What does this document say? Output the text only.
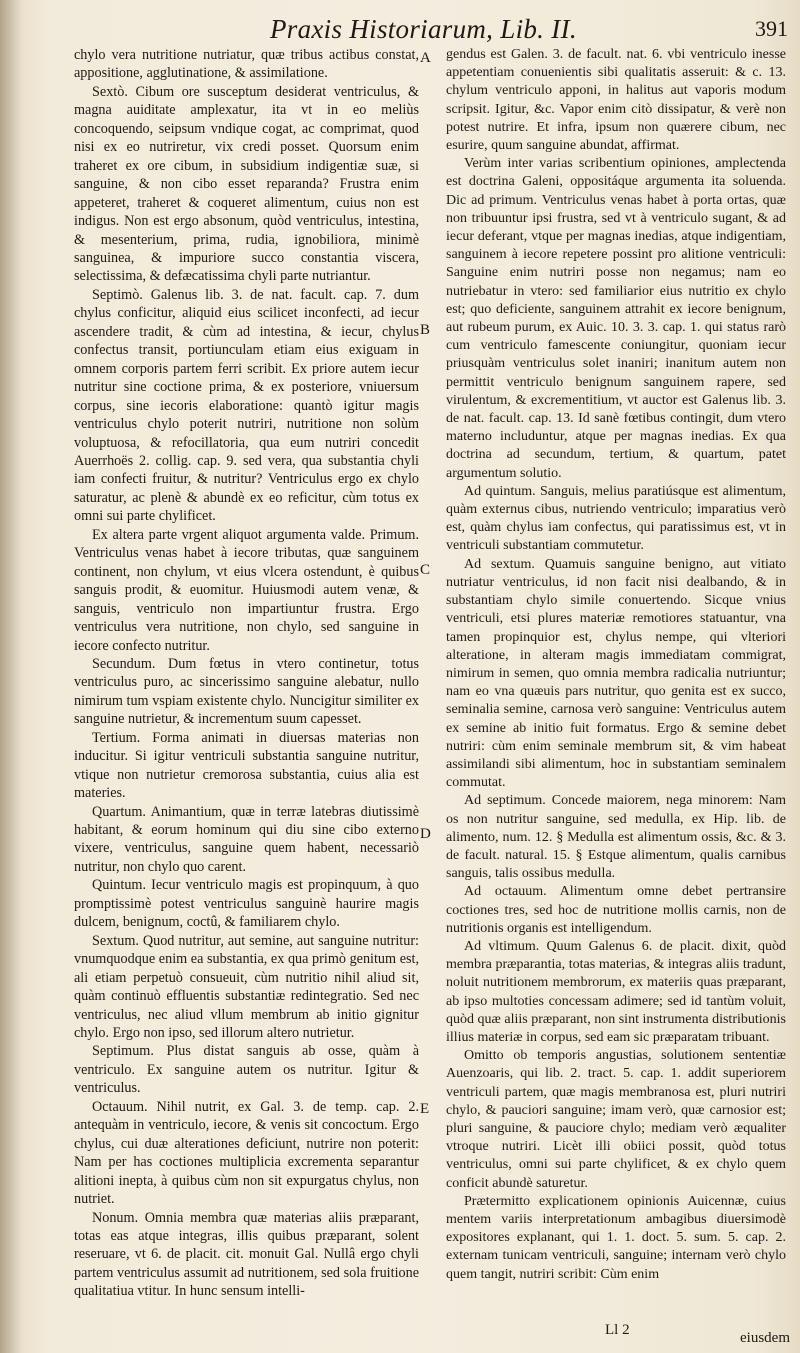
Praxis Historiarum, Lib. II.	391

chylo vera nutritione nutriatur, quæ tribus actibus constat, appositione, agglutinatione, & assimilatione.

Sextò. Cibum ore susceptum desiderat ventriculus, & magna auiditate amplexatur, ita vt in eo meliùs concoquendo, seipsum vndique cogat, ac comprimat, quod nisi ex eo nutriretur, vix credi posset. Quorsum enim traheret ex ore cibum, in subsidium indigentiæ suæ, si sanguine, & non cibo esset reparanda? Frustra enim appeteret, traheret & coqueret alimentum, cuius non est indigus. Non est ergo absonum, quòd ventriculus, intestina, & mesenterium, prima, rudia, ignobiliora, minimè sanguinea, & impuriore succo constantia viscera, selectissima, & defæcatissima chyli parte nutriantur.

Septimò. Galenus lib. 3. de nat. facult. cap. 7. dum chylus conficitur, aliquid eius scilicet inconfecti, ad iecur ascendere tradit, & cùm ad intestina, & iecur, chylus confectus transit, portiunculam etiam eius exiguam in omnem corporis partem ferri scribit. Ex priore autem iecur nutritur sine coctione prima, & ex posteriore, vniuersum corpus, sine iecoris elaboratione: quantò igitur magis ventriculus chylo poterit nutriri, nutritione non solùm voluptuosa, & refocillatoria, qua eum nutriri concedit Auerrhoës 2. collig. cap. 9. sed vera, qua substantia chyli iam confecti fruitur, & nutritur? Ventriculus ergo ex chylo saturatur, ac plenè & abundè ex eo reficitur, cùm totus ex omni sui parte chylificet.

Ex altera parte vrgent aliquot argumenta valde. Primum. Ventriculus venas habet à iecore tributas, quæ sanguinem continent, non chylum, vt eius vlcera ostendunt, è quibus sanguis prodit, & euomitur. Huiusmodi autem venæ, & sanguis, ventriculo non impartiuntur frustra. Ergo ventriculus vera nutritione, non chylo, sed sanguine in iecore confecto nutritur.

Secundum. Dum fœtus in vtero continetur, totus ventriculus puro, ac sincerissimo sanguine alebatur, nullo nimirum tum vspiam existente chylo. Nuncigitur similiter ex sanguine nutrietur, & incrementum suum capesset.

Tertium. Forma animati in diuersas materias non inducitur. Si igitur ventriculi substantia sanguine nutritur, vtique non nutrietur cremorosa substantia, cuius alia est materies.

Quartum. Animantium, quæ in terræ latebras diutissimè habitant, & eorum hominum qui diu sine cibo externo vixere, ventriculus, sanguine quem habent, necessariò nutritur, non chylo quo carent.

Quintum. Iecur ventriculo magis est propinquum, à quo promptissimè potest ventriculus sanguinè haurire magis dulcem, benignum, coctû, & familiarem chylo.

Sextum. Quod nutritur, aut semine, aut sanguine nutritur: vnumquodque enim ea substantia, ex qua primò genitum est, ali etiam perpetuò consueuit, cùm nutritio nihil aliud sit, quàm continuò effluentis substantiæ redintegratio. Sed nec ventriculus, nec aliud vllum membrum ab initio gignitur chylo. Ergo non ipso, sed illorum altero nutrietur.

Septimum. Plus distat sanguis ab osse, quàm à ventriculo. Ex sanguine autem os nutritur. Igitur & ventriculus.

Octauum. Nihil nutrit, ex Gal. 3. de temp. cap. 2. antequàm in ventriculo, iecore, & venis sit concoctum. Ergo chylus, cui duæ alterationes deficiunt, nutrire non poterit: Nam per has coctiones multiplicia excrementa separantur alitioni inepta, à quibus cùm non sit expurgatus chylus, non nutriet.

Nonum. Omnia membra quæ materias aliis præparant, totas eas atque integras, illis quibus præparant, solent reseruare, vt 6. de placit. cit. monuit Gal. Nullâ ergo chyli partem ventriculus assumit ad nutritionem, sed sola fruitione qualitatiua vtitur. In hunc sensum intelli-

A
B
C
D
E

gendus est Galen. 3. de facult. nat. 6. vbi ventriculo inesse appetentiam conuenientis sibi qualitatis asseruit: & c. 13. chylum ventriculo apponi, in halitus aut vaporis modum scripsit. Igitur, &c. Vapor enim citò dissipatur, & verè non potest nutrire. Et infra, ipsum non quærere cibum, nec esurire, quum sanguine abundat, affirmat.

Verùm inter varias scribentium opiniones, amplectenda est doctrina Galeni, oppositáque argumenta ita soluenda. Dic ad primum. Ventriculus venas habet à porta ortas, quæ non tribuuntur ipsi frustra, sed vt à ventriculo sugant, & ad iecur deferant, vtque per magnas inedias, atque indigentiam, sanguinem à iecore repetere possint pro alitione ventriculi: Sanguine enim nutriri posse non negamus; nam eo nutriebatur in vtero: sed familiarior eius nutritio ex chylo est; quo deficiente, sanguinem attrahit ex iecore benignum, aut rubeum purum, ex Auic. 10. 3. 3. cap. 1. qui status rarò cum ventriculo famescente coniungitur, quoniam iecur priusquàm ventriculus solet inaniri; inanitum autem non permittit ventriculo benignum sanguinem rapere, sed virulentum, & excrementitium, vt auctor est Galenus lib. 3. de nat. facult. cap. 13. Id sanè fœtibus contingit, dum vtero materno includuntur, atque per magnas inedias. Ex qua doctrina ad secundum, tertium, & quartum, patet argumentum solutio.

Ad quintum. Sanguis, melius paratiúsque est alimentum, quàm externus cibus, nutriendo ventriculo; imparatius verò est, quàm chylus iam confectus, qui paratissimus est, vt in ventriculi substantiam commutetur.

Ad sextum. Quamuis sanguine benigno, aut vitiato nutriatur ventriculus, id non facit nisi dealbando, & in substantiam chylo simile conuertendo. Sicque vnius ventriculi, etsi plures materiæ remotiores statuantur, vna tamen propinquior est, chylus nempe, qui vlteriori alteratione, in alteram magis immediatam commigrat, nimirum in semen, quo omnia membra radicalia nutriuntur; nam eo vna quæuis pars nutritur, quo genita est ex succo, seminalia semine, carnosa verò sanguine: Ventriculus autem ex semine ab initio fuit formatus. Ergo & semine debet nutriri: cùm enim seminale membrum sit, & vim habeat assimilandi sibi alimentum, hoc in substantiam seminalem commutat.

Ad septimum. Concede maiorem, nega minorem: Nam os non nutritur sanguine, sed medulla, ex Hip. lib. de alimento, num. 12. § Medulla est alimentum ossis, &c. & 3. de facult. natural. 15. § Estque alimentum, qualis carnibus sanguis, talis ossibus medulla.

Ad octauum. Alimentum omne debet pertransire coctiones tres, sed hoc de nutritione mollis carnis, non de nutritionis organis est intelligendum.

Ad vltimum. Quum Galenus 6. de placit. dixit, quòd membra præparantia, totas materias, & integras aliis tradunt, noluit nutritionem membrorum, ex materiis quas præparant, ab ipso multoties concessam adimere; sed id tantùm voluit, quòd quæ aliis præparant, non sint instrumenta distributionis illius materiæ in corpus, sed eam sic præparatam tribuant.

Omitto ob temporis angustias, solutionem sententiæ Auenzoaris, qui lib. 2. tract. 5. cap. 1. addit superiorem ventriculi partem, quæ magis membranosa est, pluri nutriri chylo, & pauciori sanguine; imam verò, quæ carnosior est; pluri sanguine, & pauciore chylo; mediam verò æqualiter vtroque nutriri. Licèt illi obiici possit, quòd totus ventriculus, omni sui parte chylificet, & ex chylo quem conficit abundè saturetur.

Prætermitto explicationem opinionis Auicennæ, cuius mentem variis interpretationum ambagibus diuersimodè expositores explanant, qui 1. 1. doct. 5. sum. 5. cap. 2. externam tunicam ventriculi, sanguine; internam verò chylo quem tangit, nutriri scribit: Cùm enim

Ll 2	eiusdem
